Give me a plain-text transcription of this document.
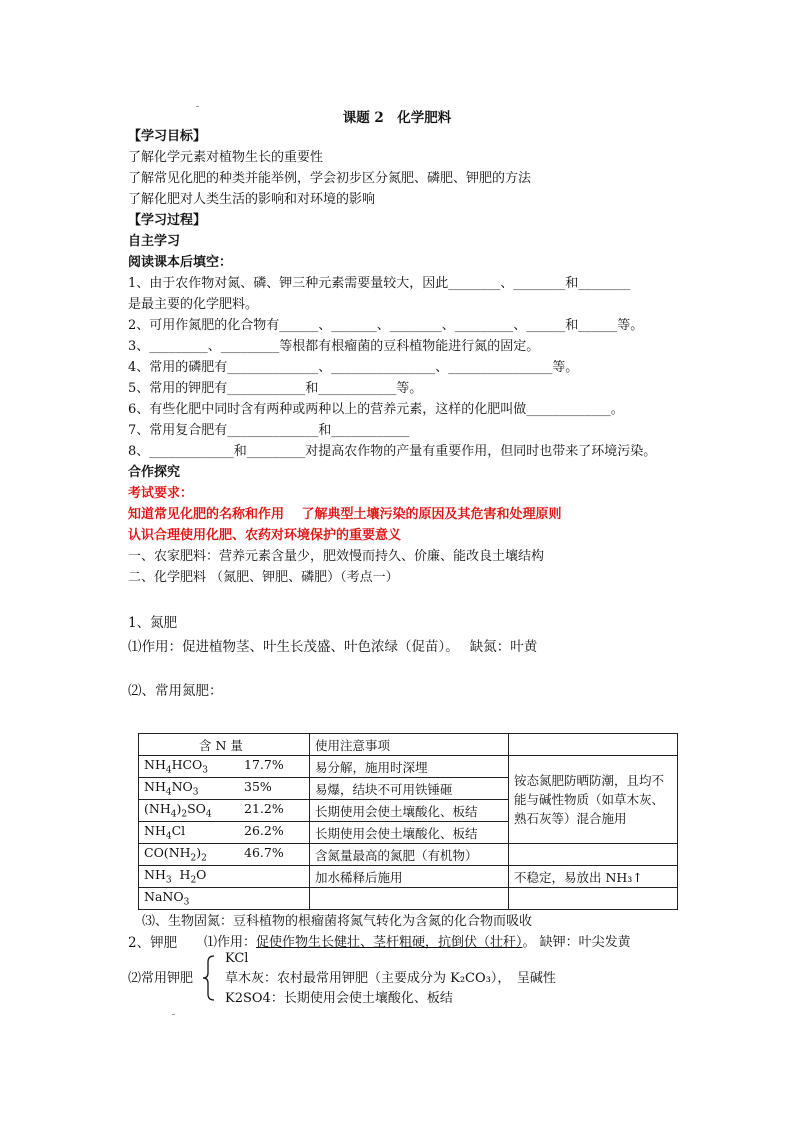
课题 2　化学肥料
【学习目标】
了解化学元素对植物生长的重要性
了解常见化肥的种类并能举例，学会初步区分氮肥、磷肥、钾肥的方法
了解化肥对人类生活的影响和对环境的影响
【学习过程】
自主学习
阅读课本后填空：
1、由于农作物对氮、磷、钾三种元素需要量较大，因此________、________和________
是最主要的化学肥料。
2、可用作氮肥的化合物有______、_______、________、_________、______和______等。
3、_________、_________等根都有根瘤菌的豆科植物能进行氮的固定。
4、常用的磷肥有______________、________________、________________等。
5、常用的钾肥有____________和____________等。
6、有些化肥中同时含有两种或两种以上的营养元素，这样的化肥叫做_____________。
7、常用复合肥有______________和____________
8、_____________和_________对提高农作物的产量有重要作用，但同时也带来了环境污染。
合作探究
考试要求：
知道常见化肥的名称和作用　 了解典型土壤污染的原因及其危害和处理原则
认识合理使用化肥、农药对环境保护的重要意义
一、农家肥料：营养元素含量少，肥效慢而持久、价廉、能改良土壤结构
二、化学肥料 （氮肥、钾肥、磷肥）（考点一）
1、氮肥
⑴作用：促进植物茎、叶生长茂盛、叶色浓绿（促苗）。　 缺氮：叶黄
⑵、常用氮肥：
含 N 量	使用注意事项	
$NH_4HCO_3$ 17.7%	易分解，施用时深埋	铵态氮肥防晒防潮，且均不能与碱性物质（如草木灰、熟石灰等）混合施用
$NH_4NO_3$ 35%	易爆，结块不可用铁锤砸	
$(NH_4)_2SO_4$ 21.2%	长期使用会使土壤酸化、板结	
$NH_4Cl$ 26.2%	长期使用会使土壤酸化、板结	
$CO(NH_2)_2$ 46.7%	含氮量最高的氮肥（有机物）	
$NH_3$  $H_2O$	加水稀释后施用	不稳定，易放出 NH₃↑
NaNO$_3$		
⑶、生物固氮：豆科植物的根瘤菌将氮气转化为含氮的化合物而吸收
2、钾肥 ⑴作用：促使作物生长健壮、茎杆粗硬，抗倒伏（壮秆）。 缺钾：叶尖发黄
⑵常用钾肥
KCl
草木灰：农村最常用钾肥（主要成分为 K₂CO₃），　呈碱性
K2SO4：长期使用会使土壤酸化、板结
